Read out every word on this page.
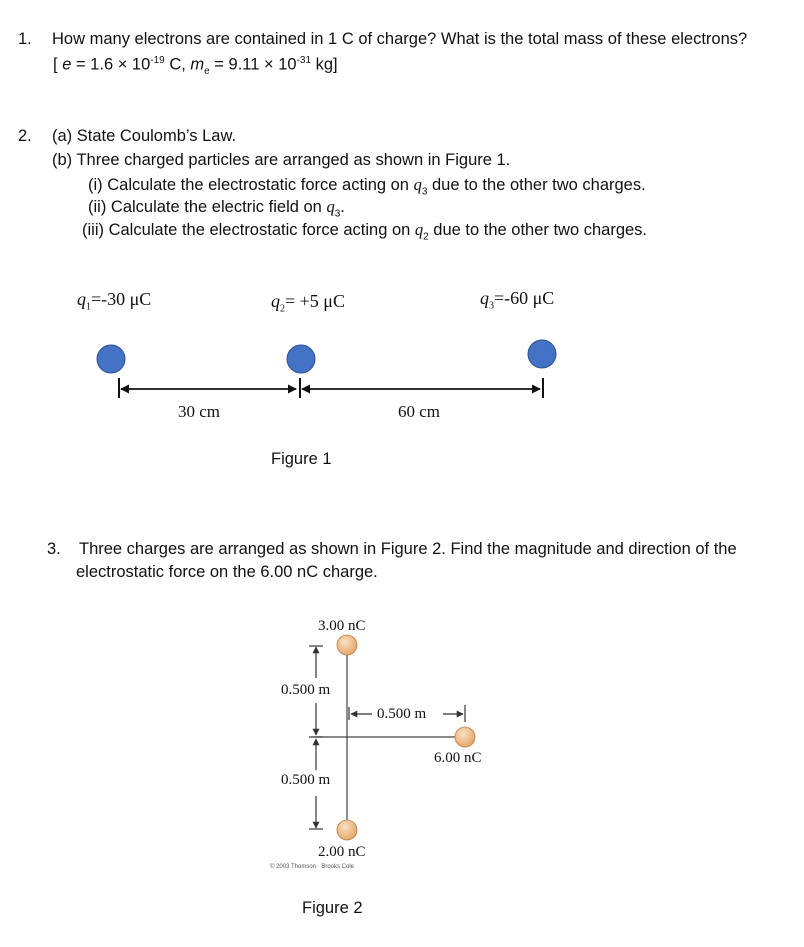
1. How many electrons are contained in 1 C of charge? What is the total mass of these electrons?
[ $e = 1.6 \times 10^{-19}$ C, $m_e = 9.11 \times 10^{-31}$ kg]
2. (a) State Coulomb’s Law.
(b) Three charged particles are arranged as shown in Figure 1.
(i) Calculate the electrostatic force acting on $q_3$ due to the other two charges.
(ii) Calculate the electric field on $q_3$.
(iii) Calculate the electrostatic force acting on $q_2$ due to the other two charges.
$q_1=-30$ μC	$q_2= +5$ μC	$q_3=-60$ μC
30 cm	60 cm
Figure 1
3. Three charges are arranged as shown in Figure 2. Find the magnitude and direction of the
electrostatic force on the 6.00 nC charge.
3.00 nC
0.500 m
0.500 m
6.00 nC
0.500 m
2.00 nC
© 2003 Thomson · Brooks Cole
Figure 2
